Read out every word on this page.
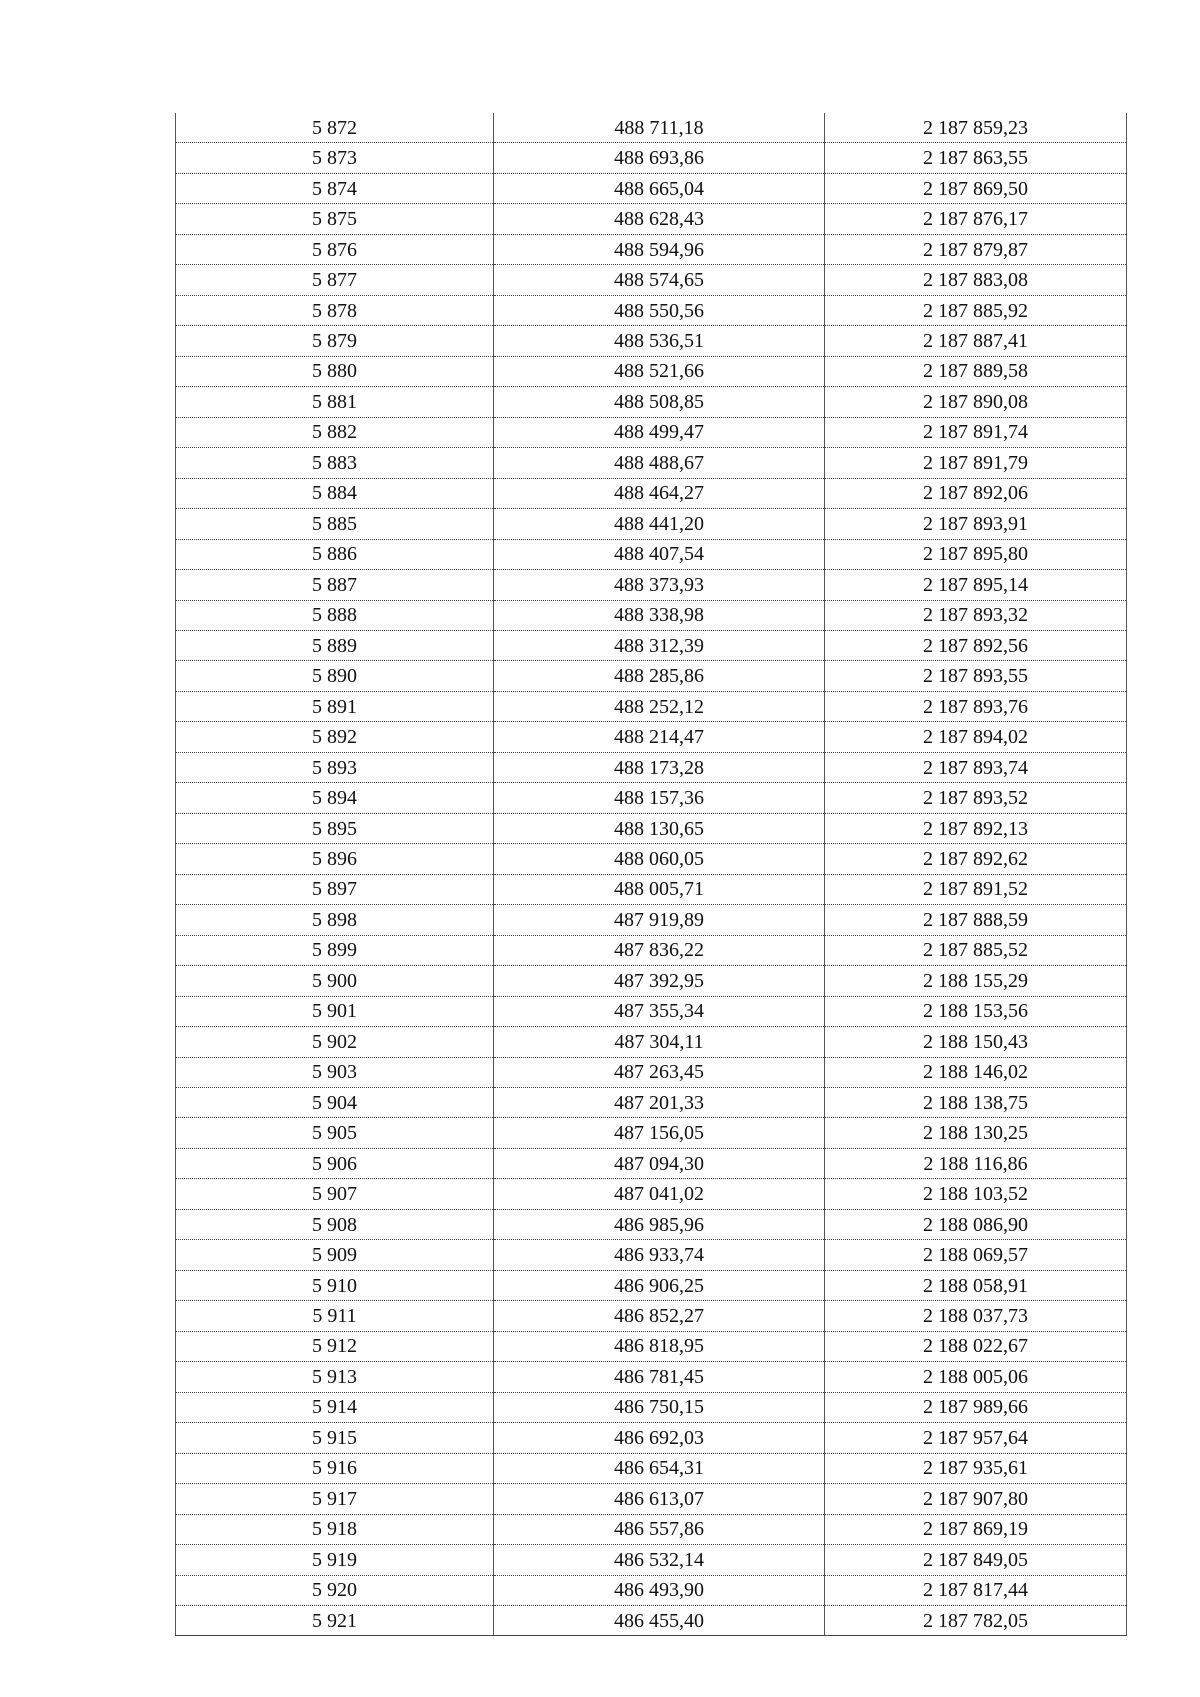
5 872	488 711,18	2 187 859,23
5 873	488 693,86	2 187 863,55
5 874	488 665,04	2 187 869,50
5 875	488 628,43	2 187 876,17
5 876	488 594,96	2 187 879,87
5 877	488 574,65	2 187 883,08
5 878	488 550,56	2 187 885,92
5 879	488 536,51	2 187 887,41
5 880	488 521,66	2 187 889,58
5 881	488 508,85	2 187 890,08
5 882	488 499,47	2 187 891,74
5 883	488 488,67	2 187 891,79
5 884	488 464,27	2 187 892,06
5 885	488 441,20	2 187 893,91
5 886	488 407,54	2 187 895,80
5 887	488 373,93	2 187 895,14
5 888	488 338,98	2 187 893,32
5 889	488 312,39	2 187 892,56
5 890	488 285,86	2 187 893,55
5 891	488 252,12	2 187 893,76
5 892	488 214,47	2 187 894,02
5 893	488 173,28	2 187 893,74
5 894	488 157,36	2 187 893,52
5 895	488 130,65	2 187 892,13
5 896	488 060,05	2 187 892,62
5 897	488 005,71	2 187 891,52
5 898	487 919,89	2 187 888,59
5 899	487 836,22	2 187 885,52
5 900	487 392,95	2 188 155,29
5 901	487 355,34	2 188 153,56
5 902	487 304,11	2 188 150,43
5 903	487 263,45	2 188 146,02
5 904	487 201,33	2 188 138,75
5 905	487 156,05	2 188 130,25
5 906	487 094,30	2 188 116,86
5 907	487 041,02	2 188 103,52
5 908	486 985,96	2 188 086,90
5 909	486 933,74	2 188 069,57
5 910	486 906,25	2 188 058,91
5 911	486 852,27	2 188 037,73
5 912	486 818,95	2 188 022,67
5 913	486 781,45	2 188 005,06
5 914	486 750,15	2 187 989,66
5 915	486 692,03	2 187 957,64
5 916	486 654,31	2 187 935,61
5 917	486 613,07	2 187 907,80
5 918	486 557,86	2 187 869,19
5 919	486 532,14	2 187 849,05
5 920	486 493,90	2 187 817,44
5 921	486 455,40	2 187 782,05
